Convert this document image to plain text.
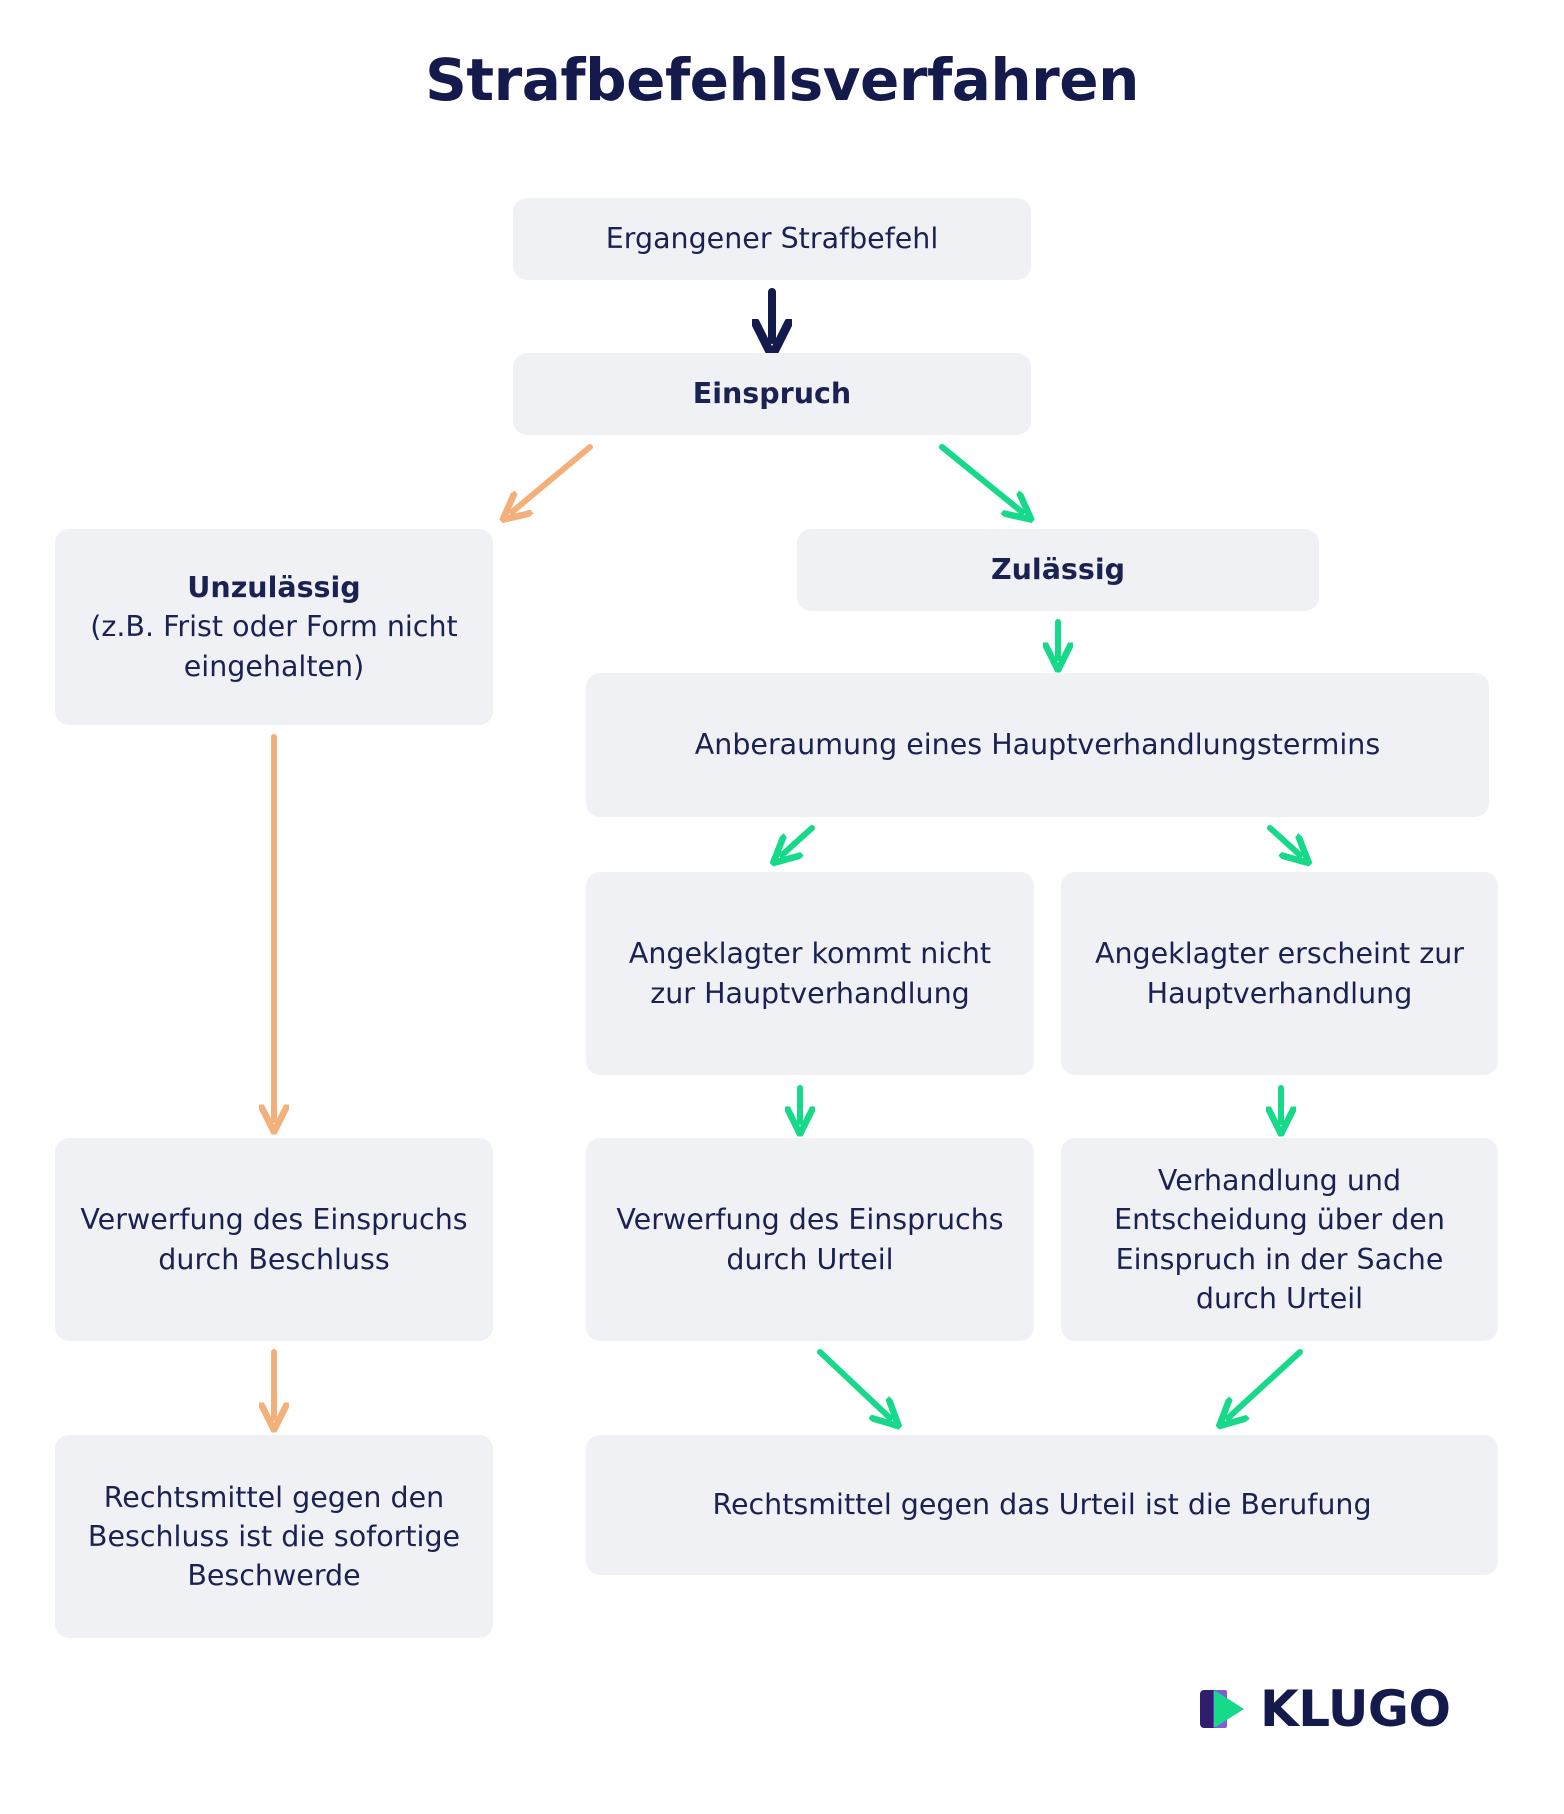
Strafbefehlsverfahren
Ergangener Strafbefehl
Einspruch
Unzulässig
(z.B. Frist oder Form nicht eingehalten)
Zulässig
Anberaumung eines Hauptverhandlungstermins
Angeklagter kommt nicht zur Hauptverhandlung
Angeklagter erscheint zur Hauptverhandlung
Verwerfung des Einspruchs durch Beschluss
Verwerfung des Einspruchs durch Urteil
Verhandlung und Entscheidung über den Einspruch in der Sache durch Urteil
Rechtsmittel gegen den Beschluss ist die sofortige Beschwerde
Rechtsmittel gegen das Urteil ist die Berufung
KLUGO
